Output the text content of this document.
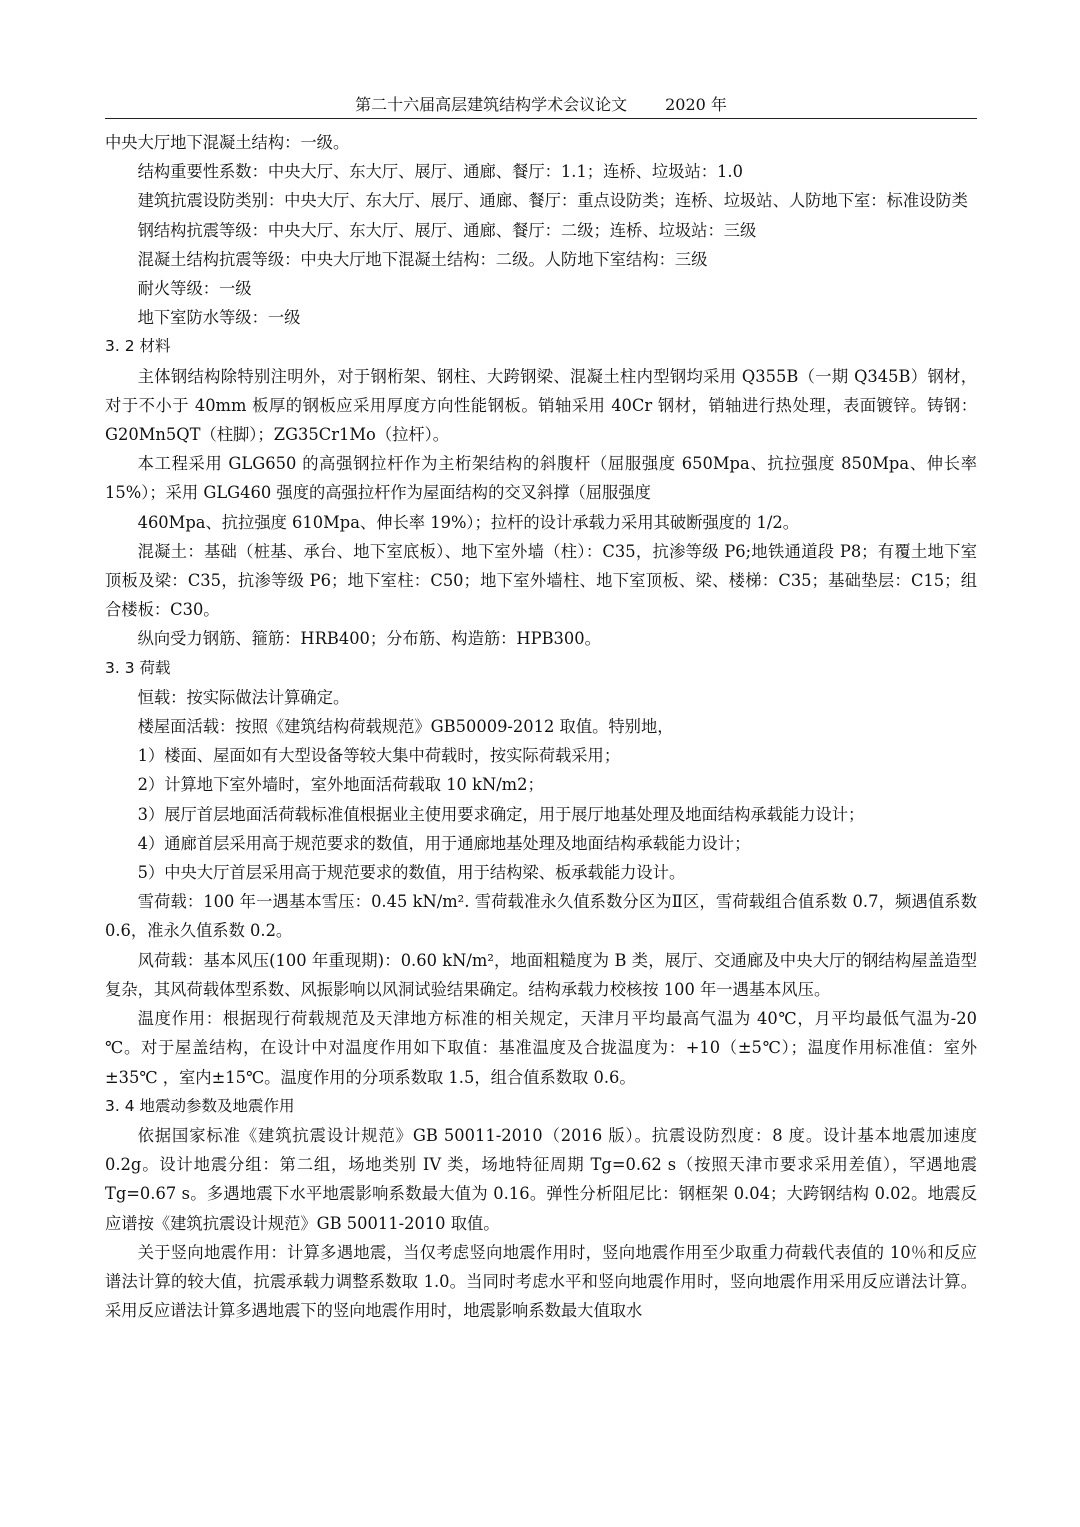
第二十六届高层建筑结构学术会议论文 2020 年

中央大厅地下混凝土结构：一级。

结构重要性系数：中央大厅、东大厅、展厅、通廊、餐厅：1.1；连桥、垃圾站：1.0

建筑抗震设防类别：中央大厅、东大厅、展厅、通廊、餐厅：重点设防类；连桥、垃圾站、人防地下室：标准设防类

钢结构抗震等级：中央大厅、东大厅、展厅、通廊、餐厅：二级；连桥、垃圾站：三级

混凝土结构抗震等级：中央大厅地下混凝土结构：二级。人防地下室结构：三级

耐火等级：一级

地下室防水等级：一级

3. 2 材料

主体钢结构除特别注明外，对于钢桁架、钢柱、大跨钢梁、混凝土柱内型钢均采用 Q355B（一期 Q345B）钢材，对于不小于 40mm 板厚的钢板应采用厚度方向性能钢板。销轴采用 40Cr 钢材，销轴进行热处理，表面镀锌。铸钢：G20Mn5QT（柱脚）；ZG35Cr1Mo（拉杆）。

本工程采用 GLG650 的高强钢拉杆作为主桁架结构的斜腹杆（屈服强度 650Mpa、抗拉强度 850Mpa、伸长率 15%）；采用 GLG460 强度的高强拉杆作为屋面结构的交叉斜撑（屈服强度

460Mpa、抗拉强度 610Mpa、伸长率 19%）；拉杆的设计承载力采用其破断强度的 1/2。

混凝土：基础（桩基、承台、地下室底板）、地下室外墙（柱）：C35，抗渗等级 P6;地铁通道段 P8；有覆土地下室顶板及梁：C35，抗渗等级 P6；地下室柱：C50；地下室外墙柱、地下室顶板、梁、楼梯：C35；基础垫层：C15；组合楼板：C30。

纵向受力钢筋、箍筋：HRB400；分布筋、构造筋：HPB300。

3. 3 荷载

恒载：按实际做法计算确定。

楼屋面活载：按照《建筑结构荷载规范》GB50009-2012 取值。特别地，

1）楼面、屋面如有大型设备等较大集中荷载时，按实际荷载采用；

2）计算地下室外墙时，室外地面活荷载取 10 kN/m2；

3）展厅首层地面活荷载标准值根据业主使用要求确定，用于展厅地基处理及地面结构承载能力设计；

4）通廊首层采用高于规范要求的数值，用于通廊地基处理及地面结构承载能力设计；

5）中央大厅首层采用高于规范要求的数值，用于结构梁、板承载能力设计。

雪荷载：100 年一遇基本雪压：0.45 kN/m². 雪荷载准永久值系数分区为Ⅱ区，雪荷载组合值系数 0.7，频遇值系数 0.6，准永久值系数 0.2。

风荷载：基本风压(100 年重现期)：0.60 kN/m²，地面粗糙度为 B 类，展厅、交通廊及中央大厅的钢结构屋盖造型复杂，其风荷载体型系数、风振影响以风洞试验结果确定。结构承载力校核按 100 年一遇基本风压。

温度作用：根据现行荷载规范及天津地方标准的相关规定，天津月平均最高气温为 40℃，月平均最低气温为-20 ℃。对于屋盖结构，在设计中对温度作用如下取值：基准温度及合拢温度为：+10（±5℃）；温度作用标准值：室外±35℃ ，室内±15℃。温度作用的分项系数取 1.5，组合值系数取 0.6。

3. 4 地震动参数及地震作用

依据国家标准《建筑抗震设计规范》GB 50011-2010（2016 版）。抗震设防烈度：8 度。设计基本地震加速度 0.2g。设计地震分组：第二组，场地类别 IV 类，场地特征周期 Tg=0.62 s（按照天津市要求采用差值），罕遇地震 Tg=0.67 s。多遇地震下水平地震影响系数最大值为 0.16。弹性分析阻尼比：钢框架 0.04；大跨钢结构 0.02。地震反应谱按《建筑抗震设计规范》GB 50011-2010 取值。

关于竖向地震作用：计算多遇地震，当仅考虑竖向地震作用时，竖向地震作用至少取重力荷载代表值的 10％和反应谱法计算的较大值，抗震承载力调整系数取 1.0。当同时考虑水平和竖向地震作用时，竖向地震作用采用反应谱法计算。采用反应谱法计算多遇地震下的竖向地震作用时，地震影响系数最大值取水
